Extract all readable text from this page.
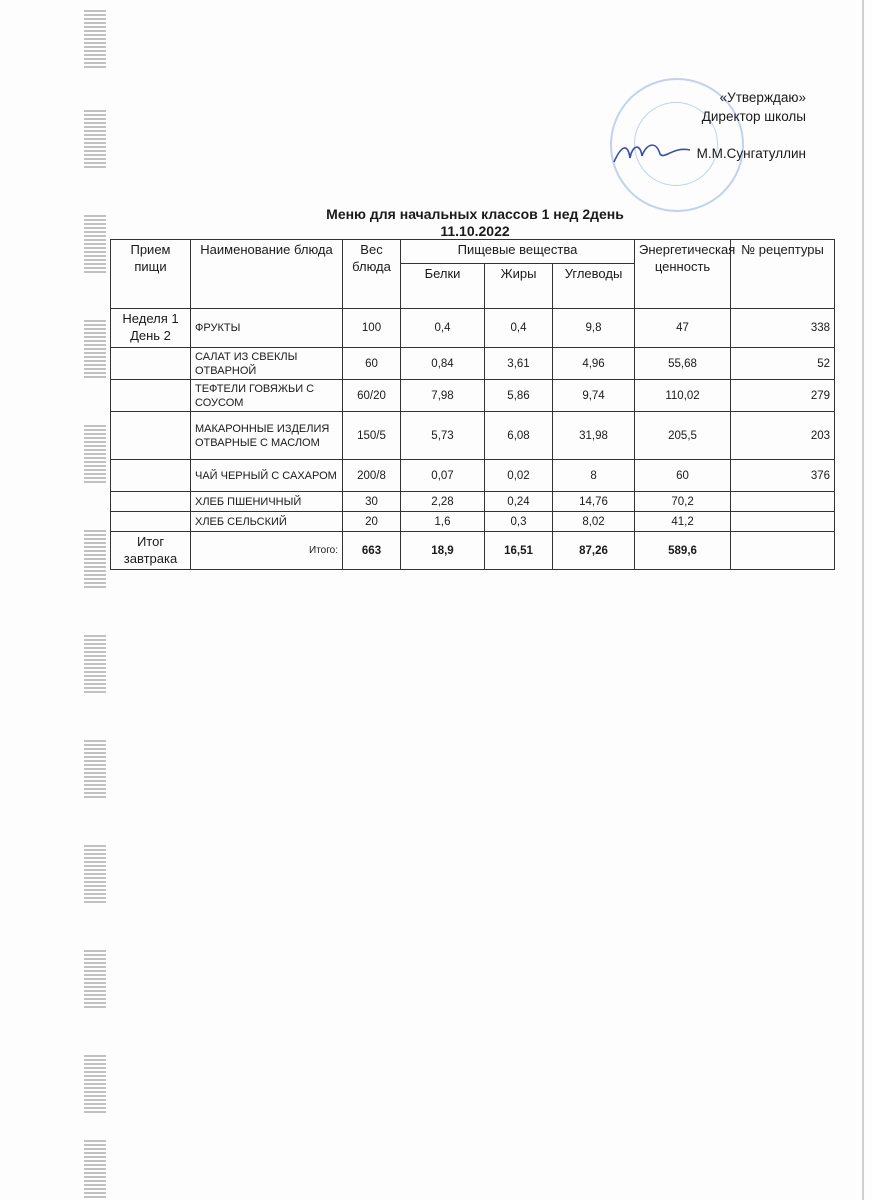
«Утверждаю»
Директор школы

М.М.Сунгатуллин
Меню для начальных классов 1 нед 2день
11.10.2022
Прием пищи	Наименование блюда	Вес блюда	Пищевые вещества			Энергетическая ценность	№ рецептуры
			Белки	Жиры	Углеводы		
Неделя 1 День 2	ФРУКТЫ	100	0,4	0,4	9,8	47	338
	САЛАТ ИЗ СВЕКЛЫ ОТВАРНОЙ	60	0,84	3,61	4,96	55,68	52
	ТЕФТЕЛИ ГОВЯЖЬИ С СОУСОМ	60/20	7,98	5,86	9,74	110,02	279
	МАКАРОННЫЕ ИЗДЕЛИЯ ОТВАРНЫЕ С МАСЛОМ	150/5	5,73	6,08	31,98	205,5	203
	ЧАЙ ЧЕРНЫЙ С САХАРОМ	200/8	0,07	0,02	8	60	376
	ХЛЕБ ПШЕНИЧНЫЙ	30	2,28	0,24	14,76	70,2	
	ХЛЕБ СЕЛЬСКИЙ	20	1,6	0,3	8,02	41,2	
Итог завтрака	Итого:	663	18,9	16,51	87,26	589,6	
